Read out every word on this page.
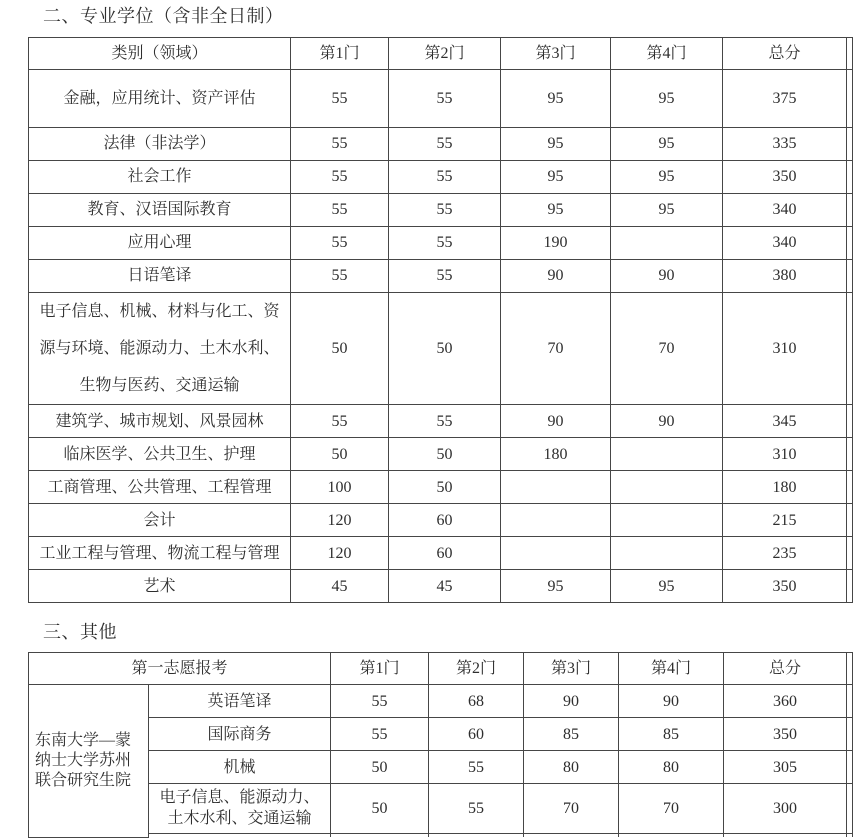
二、专业学位（含非全日制）
类别（领域）	第1门	第2门	第3门	第4门	总分	
金融，应用统计、资产评估	55	55	95	95	375	
法律（非法学）	55	55	95	95	335	
社会工作	55	55	95	95	350	
教育、汉语国际教育	55	55	95	95	340	
应用心理	55	55	190		340	
日语笔译	55	55	90	90	380	
电子信息、机械、材料与化工、资源与环境、能源动力、土木水利、生物与医药、交通运输	50	50	70	70	310	
建筑学、城市规划、风景园林	55	55	90	90	345	
临床医学、公共卫生、护理	50	50	180		310	
工商管理、公共管理、工程管理	100	50			180	
会计	120	60			215	
工业工程与管理、物流工程与管理	120	60			235	
艺术	45	45	95	95	350	
三、其他
第一志愿报考		第1门	第2门	第3门	第4门	总分	
东南大学—蒙纳士大学苏州联合研究生院	英语笔译	55	68	90	90	360	
	国际商务	55	60	85	85	350	
	机械	50	55	80	80	305	
	电子信息、能源动力、土木水利、交通运输	50	55	70	70	300	
